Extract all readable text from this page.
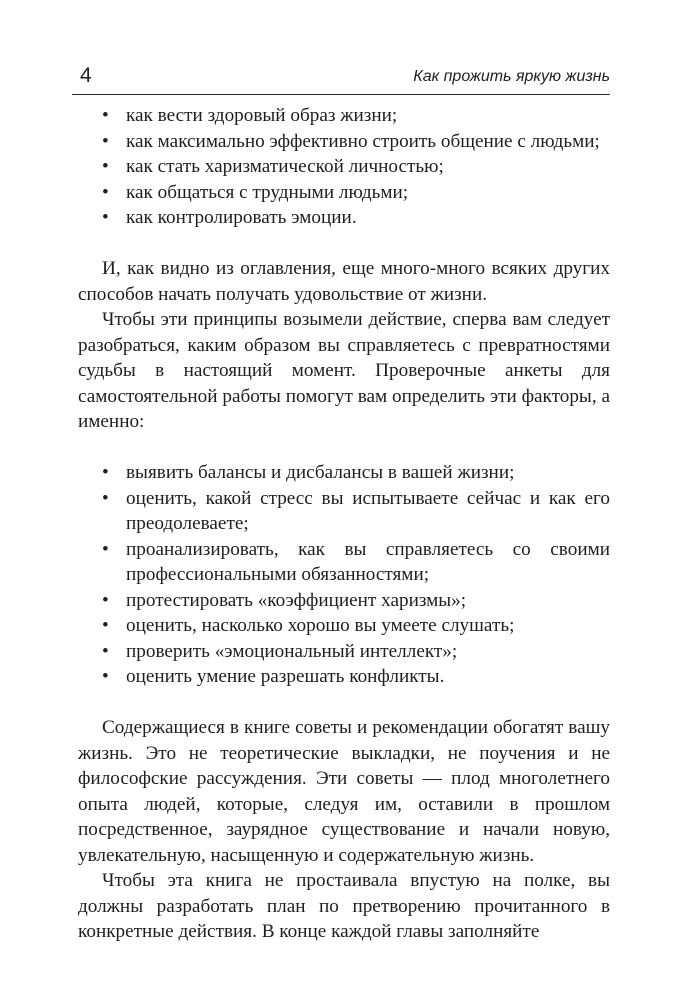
4	Как прожить яркую жизнь
• как вести здоровый образ жизни;
• как максимально эффективно строить общение с людьми;
• как стать харизматической личностью;
• как общаться с трудными людьми;
• как контролировать эмоции.

И, как видно из оглавления, еще много-много всяких других способов начать получать удовольствие от жизни.

Чтобы эти принципы возымели действие, сперва вам следует разобраться, каким образом вы справляетесь с превратностями судьбы в настоящий момент. Проверочные анкеты для самостоятельной работы помогут вам определить эти факторы, а именно:

• выявить балансы и дисбалансы в вашей жизни;
• оценить, какой стресс вы испытываете сейчас и как его преодолеваете;
• проанализировать, как вы справляетесь со своими профессиональными обязанностями;
• протестировать «коэффициент харизмы»;
• оценить, насколько хорошо вы умеете слушать;
• проверить «эмоциональный интеллект»;
• оценить умение разрешать конфликты.

Содержащиеся в книге советы и рекомендации обогатят вашу жизнь. Это не теоретические выкладки, не поучения и не философские рассуждения. Эти советы — плод многолетнего опыта людей, которые, следуя им, оставили в прошлом посредственное, заурядное существование и начали новую, увлекательную, насыщенную и содержательную жизнь.

Чтобы эта книга не простаивала впустую на полке, вы должны разработать план по претворению прочитанного в конкретные действия. В конце каждой главы заполняйте
